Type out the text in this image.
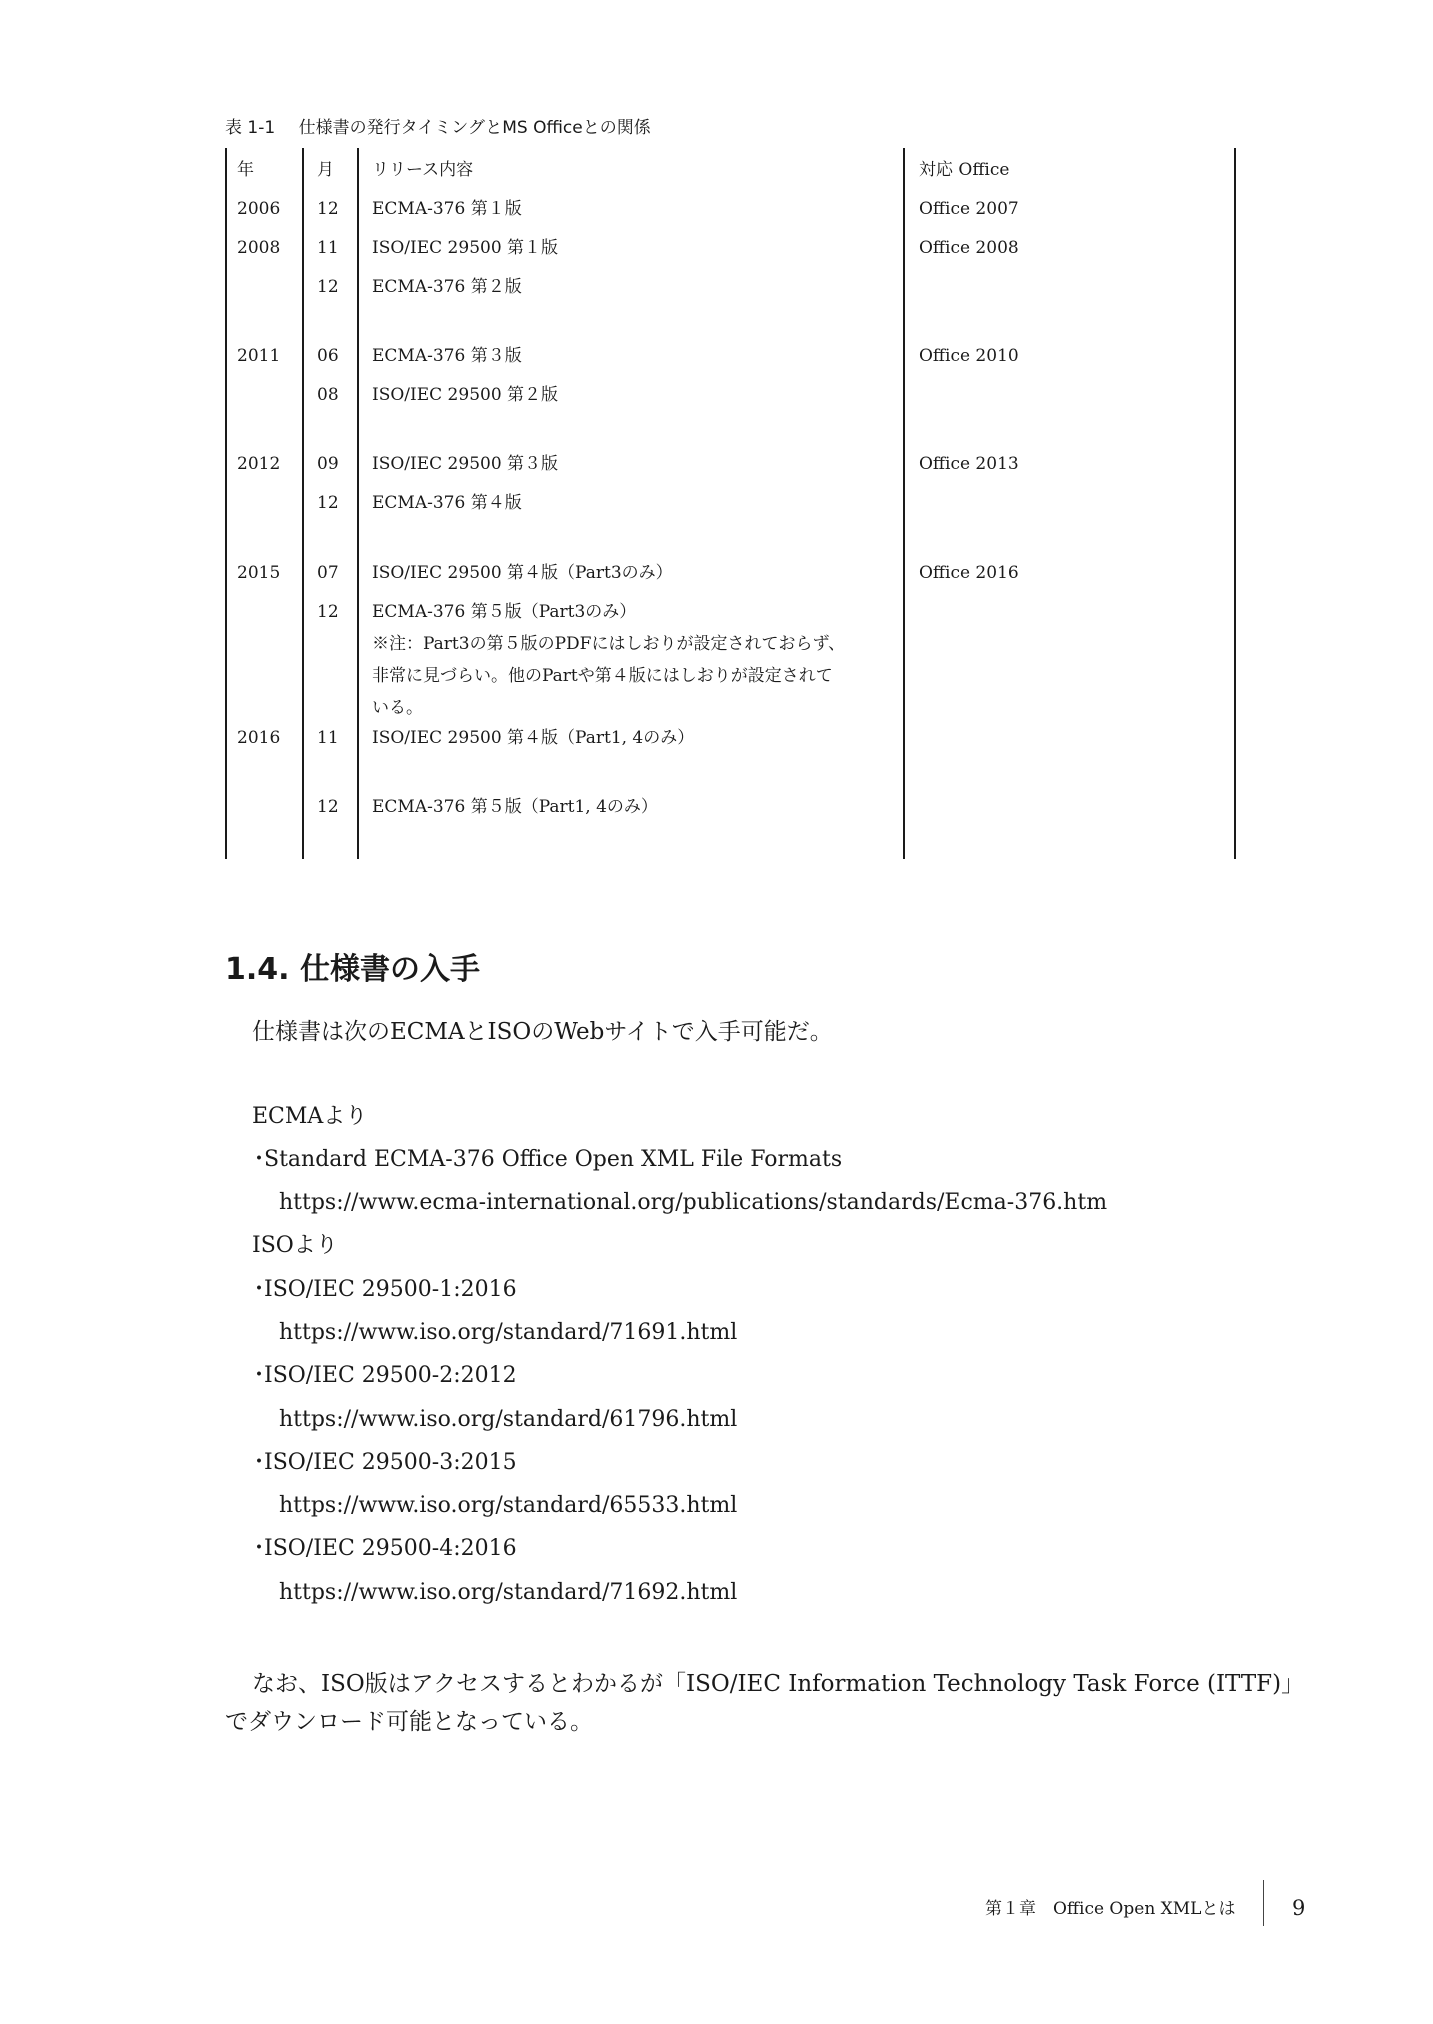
表 1-1 仕様書の発行タイミングとMS Officeとの関係
年	月 リリース内容	対応 Office
2006 12 ECMA-376 第１版	Office 2007
2008 11 ISO/IEC 29500 第１版	Office 2008
12 ECMA-376 第２版
2011 06 ECMA-376 第３版	Office 2010
08 ISO/IEC 29500 第２版
2012 09 ISO/IEC 29500 第３版	Office 2013
12 ECMA-376 第４版
2015 07 ISO/IEC 29500 第４版（Part3のみ）	Office 2016
12 ECMA-376 第５版（Part3のみ）
※注：Part3の第５版のPDFにはしおりが設定されておらず、
非常に見づらい。他のPartや第４版にはしおりが設定されて
いる。
2016 11 ISO/IEC 29500 第４版（Part1, 4のみ）
12 ECMA-376 第５版（Part1, 4のみ）
1.4. 仕様書の入手
仕様書は次のECMAとISOのWebサイトで入手可能だ。
ECMAより
・Standard ECMA-376 Office Open XML File Formats
https://www.ecma-international.org/publications/standards/Ecma-376.htm
ISOより
・ISO/IEC 29500-1:2016
https://www.iso.org/standard/71691.html
・ISO/IEC 29500-2:2012
https://www.iso.org/standard/61796.html
・ISO/IEC 29500-3:2015
https://www.iso.org/standard/65533.html
・ISO/IEC 29500-4:2016
https://www.iso.org/standard/71692.html
なお、ISO版はアクセスするとわかるが「ISO/IEC Information Technology Task Force (ITTF)」
でダウンロード可能となっている。
第１章　Office Open XMLとは	9
